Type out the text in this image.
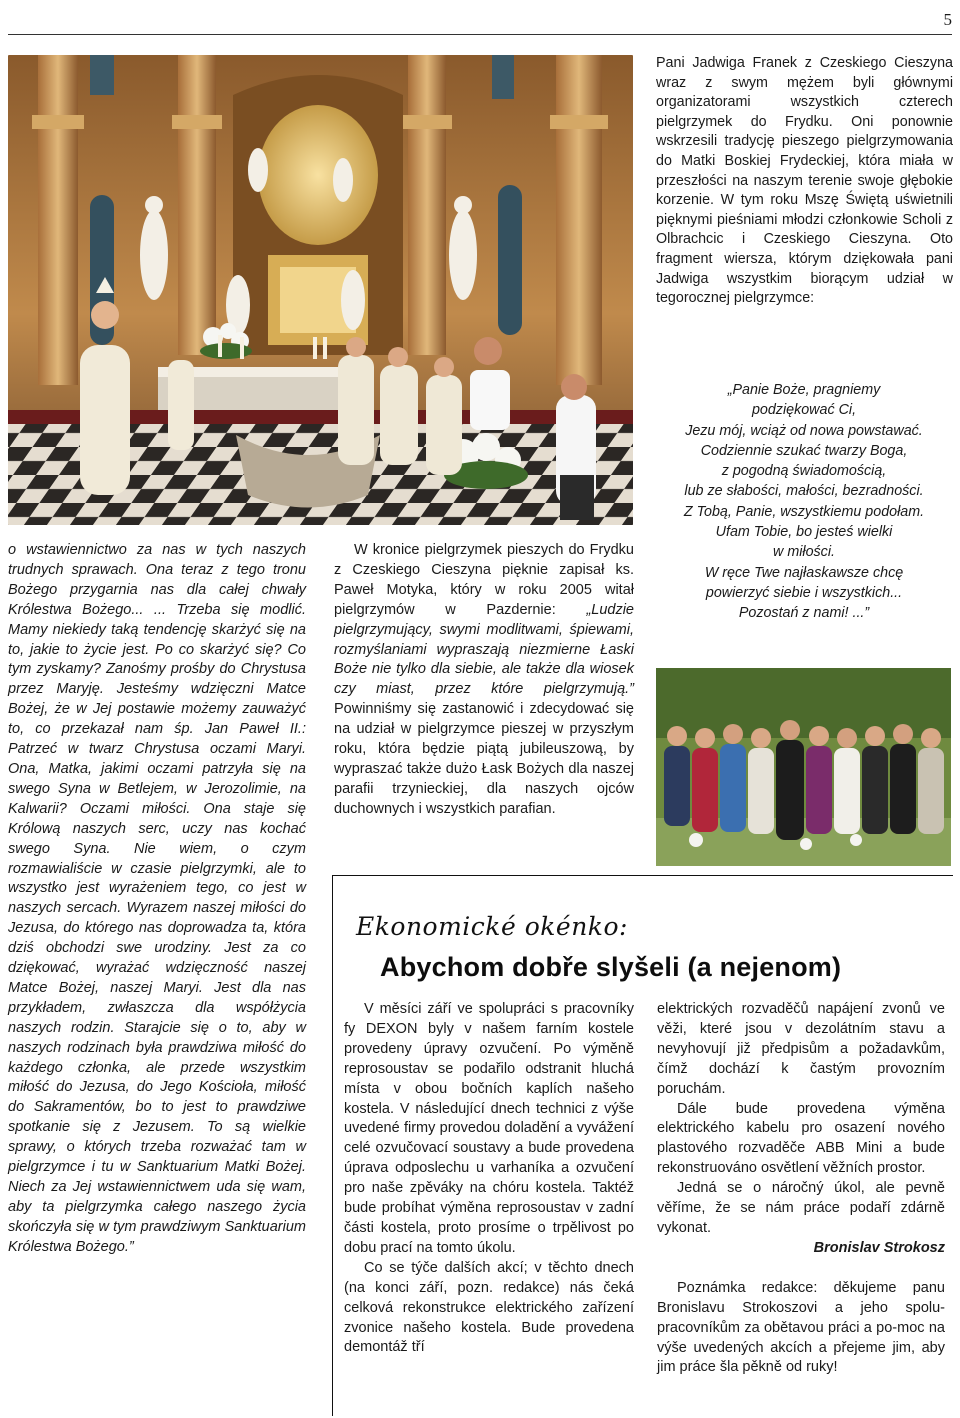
5
Pani Jadwiga Franek z Czeskiego Cieszyna wraz z swym mężem byli głównymi organizatorami wszystkich czterech pielgrzymek do Frydku. Oni ponownie wskrzesili tradycję pieszego pielgrzymowania do Matki Boskiej Frydeckiej, która miała w przeszłości na naszym terenie swoje głębokie korzenie. W tym roku Mszę Świętą uświetnili pięknymi pieśniami młodzi członkowie Scholi z Olbrachcic i Czeskiego Cieszyna. Oto fragment wiersza, którym dziękowała pani Jadwiga wszystkim biorącym udział w tegorocznej pielgrzymce:
„Panie Boże, pragniemy
podziękować Ci,
Jezu mój, wciąż od nowa powstawać.
Codziennie szukać twarzy Boga,
z pogodną świadomością,
lub ze słabości, małości, bezradności.
Z Tobą, Panie, wszystkiemu podołam.
Ufam Tobie, bo jesteś wielki
w miłości.
W ręce Twe najłaskawsze chcę
powierzyć siebie i wszystkich...
Pozostań z nami! ...”
o wstawiennictwo za nas w tych naszych trudnych sprawach. Ona teraz z tego tronu Bożego przygarnia nas dla całej chwały Królestwa Bożego... ... Trzeba się modlić. Mamy niekiedy taką tendencję skarżyć się na to, jakie to życie jest. Po co skarżyć się? Co tym zyskamy? Zanośmy prośby do Chrystusa przez Maryję. Jesteśmy wdzięczni Matce Bożej, że w Jej postawie możemy zauważyć to, co przekazał nam śp. Jan Paweł II.: Patrzeć w twarz Chrystusa oczami Maryi. Ona, Matka, jakimi oczami patrzyła się na swego Syna w Betlejem, w Jerozolimie, na Kalwarii? Oczami miłości. Ona staje się Królową naszych serc, uczy nas kochać swego Syna. Nie wiem, o czym rozmawialiście w czasie pielgrzymki, ale to wszystko jest wyrażeniem tego, co jest w naszych sercach. Wyrazem naszej miłości do Jezusa, do którego nas doprowadza ta, która dziś obchodzi swe urodziny. Jest za co dziękować, wyrażać wdzięczność naszej Matce Bożej, naszej Maryi. Jest dla nas przykładem, zwłaszcza dla współżycia naszych rodzin. Starajcie się o to, aby w naszych rodzinach była prawdziwa miłość do każdego członka, ale przede wszystkim miłość do Jezusa, do Jego Kościoła, miłość do Sakramentów, bo to jest to prawdziwe spotkanie się z Jezusem. To są wielkie sprawy, o których trzeba rozważać tam w pielgrzymce i tu w Sanktuarium Matki Bożej. Niech za Jej wstawiennictwem uda się wam, aby ta pielgrzymka całego naszego życia skończyła się w tym prawdziwym Sanktuarium Królestwa Bożego.”

W kronice pielgrzymek pieszych do Frydku z Czeskiego Cieszyna pięknie zapisał ks. Paweł Motyka, który w roku 2005 witał pielgrzymów w Pazdernie: „Ludzie pielgrzymujący, swymi modlitwami, śpiewami, rozmyślaniami wypraszają niezmierne Łaski Boże nie tylko dla siebie, ale także dla wiosek czy miast, przez które pielgrzymują.” Powinniśmy się zastanowić i zdecydować się na udział w pielgrzymce pieszej w przyszłym roku, która będzie piątą jubileuszową, by wypraszać także dużo Łask Bożych dla naszej parafii trzynieckiej, dla naszych ojców duchownych i wszystkich parafian.

Ekonomické okénko:
Abychom dobře slyšeli (a nejenom)

V měsíci září ve spolupráci s pracovníky fy DEXON byly v našem farním kostele provedeny úpravy ozvučení. Po výměně reprosoustav se podařilo odstranit hluchá místa v obou bočních kaplích našeho kostela. V následující dnech technici z výše uvedené firmy provedou doladění a vyvážení celé ozvučovací soustavy a bude provedena úprava odposlechu u varhaníka a ozvučení pro naše zpěváky na chóru kostela. Taktéž bude probíhat výměna reprosoustav v zadní části kostela, proto prosíme o trpělivost po dobu prací na tomto úkolu.

Co se týče dalších akcí; v těchto dnech (na konci září, pozn. redakce) nás čeká celková rekonstrukce elektrického zařízení zvonice našeho kostela. Bude provedena demontáž tří

elektrických rozvaděčů napájení zvonů ve věži, které jsou v dezolátním stavu a nevyhovují již předpisům a požadavkům, čímž dochází k častým provozním poruchám.

Dále bude provedena výměna elektrického kabelu pro osazení nového plastového rozvaděče ABB Mini a bude rekonstruováno osvětlení věžních prostor.

Jedná se o náročný úkol, ale pevně věříme, že se nám práce podaří zdárně vykonat.

Bronislav Strokosz

Poznámka redakce: děkujeme panu Bronislavu Strokoszovi a jeho spolu-pracovníkům za obětavou práci a po-moc na výše uvedených akcích a přejeme jim, aby jim práce šla pěkně od ruky!
